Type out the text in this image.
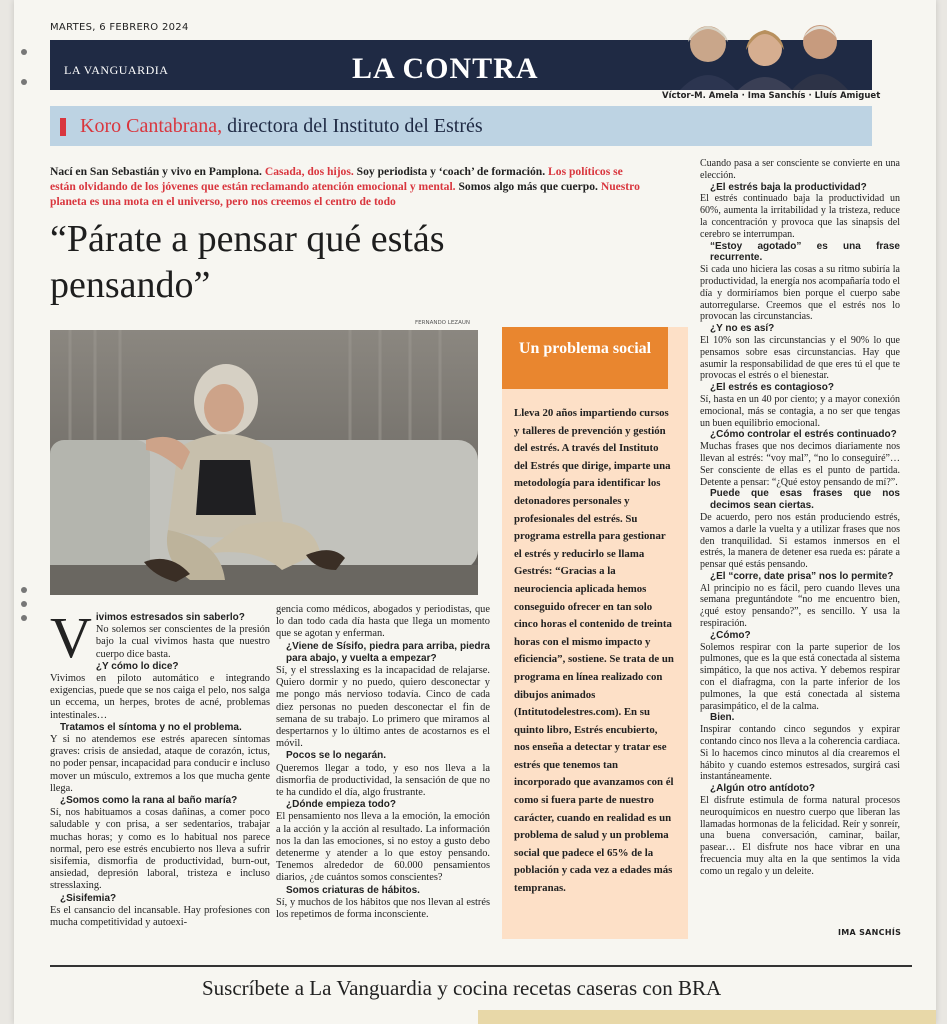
MARTES, 6 FEBRERO 2024
LA VANGUARDIA	LA CONTRA
Víctor-M. Amela · Ima Sanchís · Lluís Amiguet
Koro Cantabrana, directora del Instituto del Estrés
Nací en San Sebastián y vivo en Pamplona. Casada, dos hijos. Soy periodista y ‘coach’ de formación. Los políticos se están olvidando de los jóvenes que están reclamando atención emocional y mental. Somos algo más que cuerpo. Nuestro planeta es una mota en el universo, pero nos creemos el centro de todo
“Párate a pensar qué estás pensando”
FERNANDO LEZAUN
V ivimos estresados sin saberlo?

No solemos ser conscientes de la presión bajo la cual vivimos hasta que nuestro cuerpo dice basta.

¿Y cómo lo dice?

Vivimos en piloto automático e integrando exigencias, puede que se nos caiga el pelo, nos salga un eccema, un herpes, brotes de acné, problemas intestinales…

Tratamos el síntoma y no el problema.

Y si no atendemos ese estrés aparecen síntomas graves: crisis de ansiedad, ataque de corazón, ictus, no poder pensar, incapacidad para conducir e incluso mover un músculo, extremos a los que mucha gente llega.

¿Somos como la rana al baño maría?

Sí, nos habituamos a cosas dañinas, a comer poco saludable y con prisa, a ser sedentarios, trabajar muchas horas; y como es lo habitual nos parece normal, pero ese estrés encubierto nos lleva a sufrir sisifemia, dismorfia de productividad, burn-out, ansiedad, depresión laboral, tristeza e incluso stresslaxing.

¿Sisifemia?

Es el cansancio del incansable. Hay profesiones con mucha competitividad y autoexi-

gencia como médicos, abogados y periodistas, que lo dan todo cada día hasta que llega un momento que se agotan y enferman.

¿Viene de Sísifo, piedra para arriba, piedra para abajo, y vuelta a empezar?

Sí, y el stresslaxing es la incapacidad de relajarse. Quiero dormir y no puedo, quiero desconectar y me pongo más nervioso todavía. Cinco de cada diez personas no pueden desconectar el fin de semana de su trabajo. Lo primero que miramos al despertarnos y lo último antes de acostarnos es el móvil.

Pocos se lo negarán.

Queremos llegar a todo, y eso nos lleva a la dismorfia de productividad, la sensación de que no te ha cundido el día, algo frustrante.

¿Dónde empieza todo?

El pensamiento nos lleva a la emoción, la emoción a la acción y la acción al resultado. La información nos la dan las emociones, si no estoy a gusto debo detenerme y atender a lo que estoy pensando. Tenemos alrededor de 60.000 pensamientos diarios, ¿de cuántos somos conscientes?

Somos criaturas de hábitos.

Sí, y muchos de los hábitos que nos llevan al estrés los repetimos de forma inconsciente.

Un problema social
Lleva 20 años impartiendo cursos y talleres de prevención y gestión del estrés. A través del Instituto del Estrés que dirige, imparte una metodología para identificar los detonadores personales y profesionales del estrés. Su programa estrella para gestionar el estrés y reducirlo se llama Gestrés: “Gracias a la neurociencia aplicada hemos conseguido ofrecer en tan solo cinco horas el contenido de treinta horas con el mismo impacto y eficiencia”, sostiene. Se trata de un programa en línea realizado con dibujos animados (Intitutodelestres.com). En su quinto libro, Estrés encubierto, nos enseña a detectar y tratar ese estrés que tenemos tan incorporado que avanzamos con él como si fuera parte de nuestro carácter, cuando en realidad es un problema de salud y un problema social que padece el 65% de la población y cada vez a edades más tempranas.

Cuando pasa a ser consciente se convierte en una elección.

¿El estrés baja la productividad?

El estrés continuado baja la productividad un 60%, aumenta la irritabilidad y la tristeza, reduce la concentración y provoca que las sinapsis del cerebro se interrumpan.

“Estoy agotado” es una frase recurrente.

Si cada uno hiciera las cosas a su ritmo subiría la productividad, la energía nos acompañaría todo el día y dormiríamos bien porque el cuerpo sabe autorregularse. Creemos que el estrés nos lo provocan las circunstancias.

¿Y no es así?

El 10% son las circunstancias y el 90% lo que pensamos sobre esas circunstancias. Hay que asumir la responsabilidad de que eres tú el que te provocas el estrés o el bienestar.

¿El estrés es contagioso?

Sí, hasta en un 40 por ciento; y a mayor conexión emocional, más se contagia, a no ser que tengas un buen equilibrio emocional.

¿Cómo controlar el estrés continuado?

Muchas frases que nos decimos diariamente nos llevan al estrés: “voy mal”, “no lo conseguiré”… Ser consciente de ellas es el punto de partida. Detente a pensar: “¿Qué estoy pensando de mí?”.

Puede que esas frases que nos decimos sean ciertas.

De acuerdo, pero nos están produciendo estrés, vamos a darle la vuelta y a utilizar frases que nos den tranquilidad. Si estamos inmersos en el estrés, la manera de detener esa rueda es: párate a pensar qué estás pensando.

¿El “corre, date prisa” nos lo permite?

Al principio no es fácil, pero cuando lleves una semana preguntándote “no me encuentro bien, ¿qué estoy pensando?”, es sencillo. Y usa la respiración.

¿Cómo?

Solemos respirar con la parte superior de los pulmones, que es la que está conectada al sistema simpático, la que nos activa. Y debemos respirar con el diafragma, con la parte inferior de los pulmones, la que está conectada al sistema parasimpático, el de la calma.

Bien.

Inspirar contando cinco segundos y expirar contando cinco nos lleva a la coherencia cardiaca. Si lo hacemos cinco minutos al día crearemos el hábito y cuando estemos estresados, surgirá casi instantáneamente.

¿Algún otro antídoto?

El disfrute estimula de forma natural procesos neuroquímicos en nuestro cuerpo que liberan las llamadas hormonas de la felicidad. Reír y sonreír, una buena conversación, caminar, bailar, pasear… El disfrute nos hace vibrar en una frecuencia muy alta en la que sentimos la vida como un regalo y un deleite.

IMA SANCHÍS
Suscríbete a La Vanguardia y cocina recetas caseras con BRA
